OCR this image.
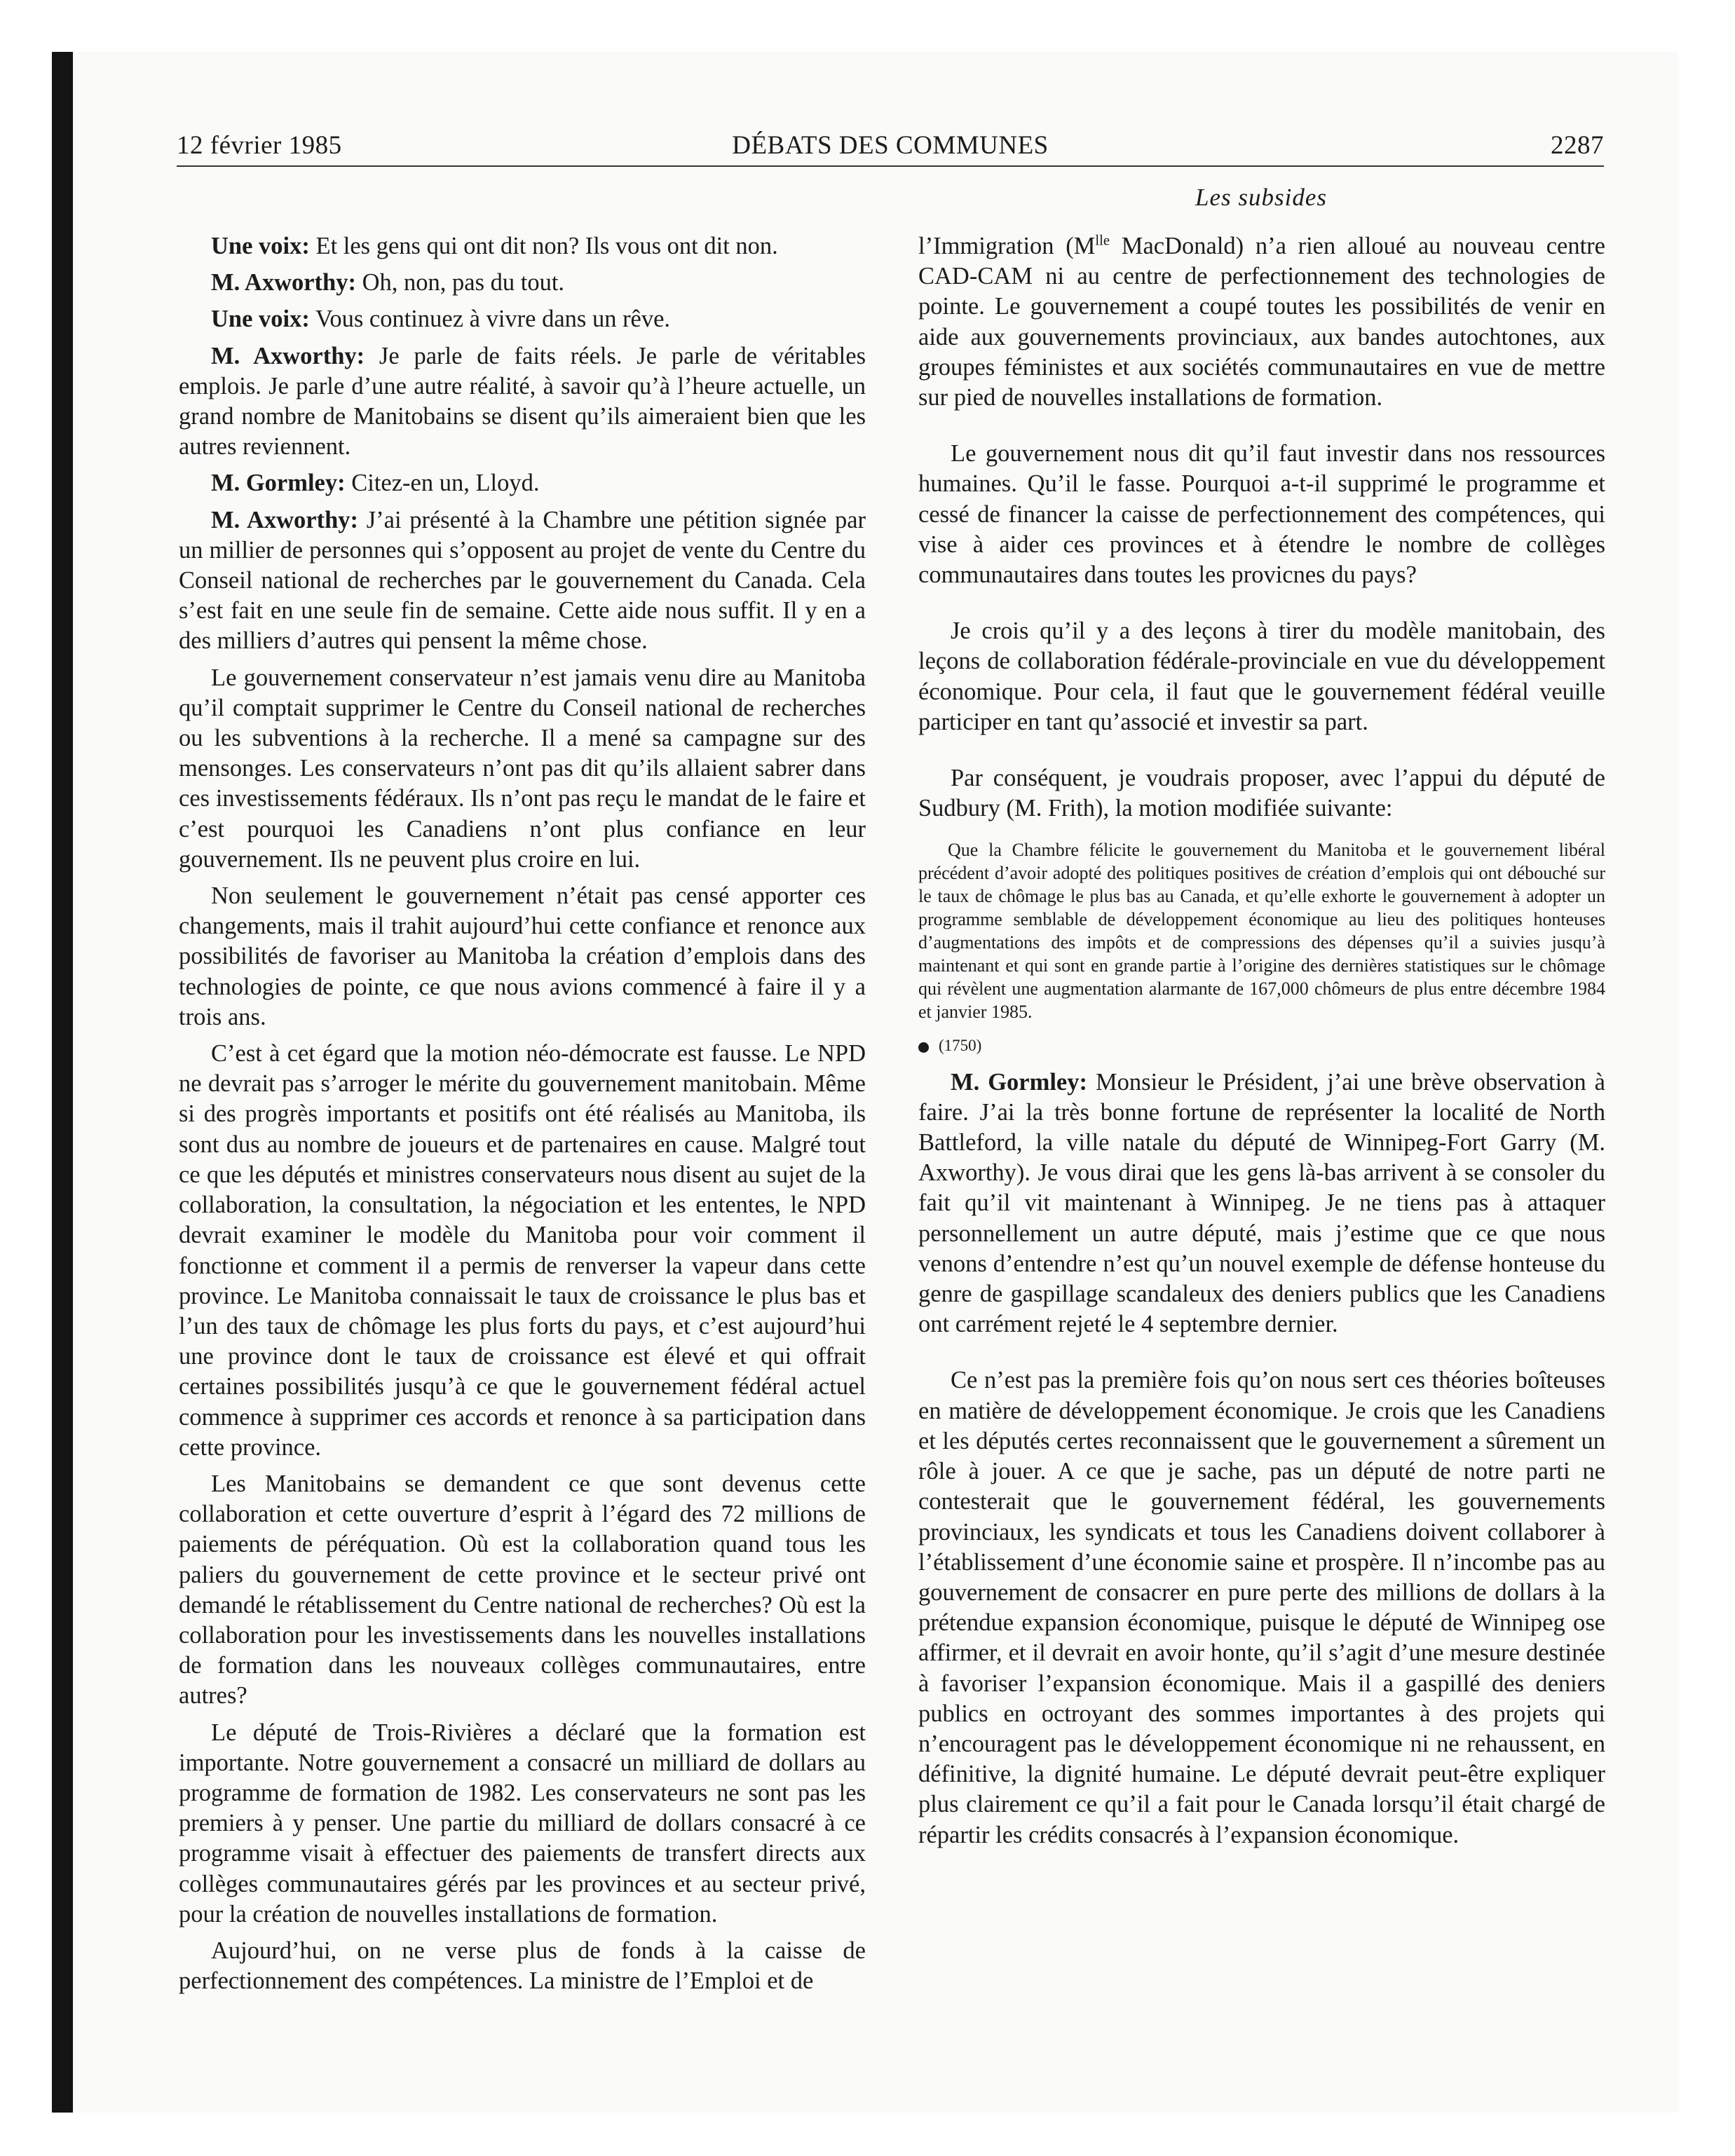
12 février 1985	DÉBATS DES COMMUNES	2287
Les subsides

Une voix: Et les gens qui ont dit non? Ils vous ont dit non.

M. Axworthy: Oh, non, pas du tout.

Une voix: Vous continuez à vivre dans un rêve.

M. Axworthy: Je parle de faits réels. Je parle de véritables emplois. Je parle d’une autre réalité, à savoir qu’à l’heure actuelle, un grand nombre de Manitobains se disent qu’ils aimeraient bien que les autres reviennent.

M. Gormley: Citez-en un, Lloyd.

M. Axworthy: J’ai présenté à la Chambre une pétition signée par un millier de personnes qui s’opposent au projet de vente du Centre du Conseil national de recherches par le gouvernement du Canada. Cela s’est fait en une seule fin de semaine. Cette aide nous suffit. Il y en a des milliers d’autres qui pensent la même chose.

Le gouvernement conservateur n’est jamais venu dire au Manitoba qu’il comptait supprimer le Centre du Conseil national de recherches ou les subventions à la recherche. Il a mené sa campagne sur des mensonges. Les conservateurs n’ont pas dit qu’ils allaient sabrer dans ces investissements fédéraux. Ils n’ont pas reçu le mandat de le faire et c’est pourquoi les Canadiens n’ont plus confiance en leur gouvernement. Ils ne peuvent plus croire en lui.

Non seulement le gouvernement n’était pas censé apporter ces changements, mais il trahit aujourd’hui cette confiance et renonce aux possibilités de favoriser au Manitoba la création d’emplois dans des technologies de pointe, ce que nous avions commencé à faire il y a trois ans.

C’est à cet égard que la motion néo-démocrate est fausse. Le NPD ne devrait pas s’arroger le mérite du gouvernement manitobain. Même si des progrès importants et positifs ont été réalisés au Manitoba, ils sont dus au nombre de joueurs et de partenaires en cause. Malgré tout ce que les députés et ministres conservateurs nous disent au sujet de la collaboration, la consultation, la négociation et les ententes, le NPD devrait examiner le modèle du Manitoba pour voir comment il fonctionne et comment il a permis de renverser la vapeur dans cette province. Le Manitoba connaissait le taux de croissance le plus bas et l’un des taux de chômage les plus forts du pays, et c’est aujourd’hui une province dont le taux de croissance est élevé et qui offrait certaines possibilités jusqu’à ce que le gouvernement fédéral actuel commence à supprimer ces accords et renonce à sa participation dans cette province.

Les Manitobains se demandent ce que sont devenus cette collaboration et cette ouverture d’esprit à l’égard des 72 millions de paiements de péréquation. Où est la collaboration quand tous les paliers du gouvernement de cette province et le secteur privé ont demandé le rétablissement du Centre national de recherches? Où est la collaboration pour les investissements dans les nouvelles installations de formation dans les nouveaux collèges communautaires, entre autres?

Le député de Trois-Rivières a déclaré que la formation est importante. Notre gouvernement a consacré un milliard de dollars au programme de formation de 1982. Les conservateurs ne sont pas les premiers à y penser. Une partie du milliard de dollars consacré à ce programme visait à effectuer des paiements de transfert directs aux collèges communautaires gérés par les provinces et au secteur privé, pour la création de nouvelles installations de formation.

Aujourd’hui, on ne verse plus de fonds à la caisse de perfectionnement des compétences. La ministre de l’Emploi et de

l’Immigration ($M^{lle}$ MacDonald) n’a rien alloué au nouveau centre CAD-CAM ni au centre de perfectionnement des technologies de pointe. Le gouvernement a coupé toutes les possibilités de venir en aide aux gouvernements provinciaux, aux bandes autochtones, aux groupes féministes et aux sociétés communautaires en vue de mettre sur pied de nouvelles installations de formation.

Le gouvernement nous dit qu’il faut investir dans nos ressources humaines. Qu’il le fasse. Pourquoi a-t-il supprimé le programme et cessé de financer la caisse de perfectionnement des compétences, qui vise à aider ces provinces et à étendre le nombre de collèges communautaires dans toutes les provicnes du pays?

Je crois qu’il y a des leçons à tirer du modèle manitobain, des leçons de collaboration fédérale-provinciale en vue du développement économique. Pour cela, il faut que le gouvernement fédéral veuille participer en tant qu’associé et investir sa part.

Par conséquent, je voudrais proposer, avec l’appui du député de Sudbury (M. Frith), la motion modifiée suivante:

Que la Chambre félicite le gouvernement du Manitoba et le gouvernement libéral précédent d’avoir adopté des politiques positives de création d’emplois qui ont débouché sur le taux de chômage le plus bas au Canada, et qu’elle exhorte le gouvernement à adopter un programme semblable de développement économique au lieu des politiques honteuses d’augmentations des impôts et de compressions des dépenses qu’il a suivies jusqu’à maintenant et qui sont en grande partie à l’origine des dernières statistiques sur le chômage qui révèlent une augmentation alarmante de 167,000 chômeurs de plus entre décembre 1984 et janvier 1985.

(1750)

M. Gormley: Monsieur le Président, j’ai une brève observation à faire. J’ai la très bonne fortune de représenter la localité de North Battleford, la ville natale du député de Winnipeg-Fort Garry (M. Axworthy). Je vous dirai que les gens là-bas arrivent à se consoler du fait qu’il vit maintenant à Winnipeg. Je ne tiens pas à attaquer personnellement un autre député, mais j’estime que ce que nous venons d’entendre n’est qu’un nouvel exemple de défense honteuse du genre de gaspillage scandaleux des deniers publics que les Canadiens ont carrément rejeté le 4 septembre dernier.

Ce n’est pas la première fois qu’on nous sert ces théories boîteuses en matière de développement économique. Je crois que les Canadiens et les députés certes reconnaissent que le gouvernement a sûrement un rôle à jouer. A ce que je sache, pas un député de notre parti ne contesterait que le gouvernement fédéral, les gouvernements provinciaux, les syndicats et tous les Canadiens doivent collaborer à l’établissement d’une économie saine et prospère. Il n’incombe pas au gouvernement de consacrer en pure perte des millions de dollars à la prétendue expansion économique, puisque le député de Winnipeg ose affirmer, et il devrait en avoir honte, qu’il s’agit d’une mesure destinée à favoriser l’expansion économique. Mais il a gaspillé des deniers publics en octroyant des sommes importantes à des projets qui n’encouragent pas le développement économique ni ne rehaussent, en définitive, la dignité humaine. Le député devrait peut-être expliquer plus clairement ce qu’il a fait pour le Canada lorsqu’il était chargé de répartir les crédits consacrés à l’expansion économique.
